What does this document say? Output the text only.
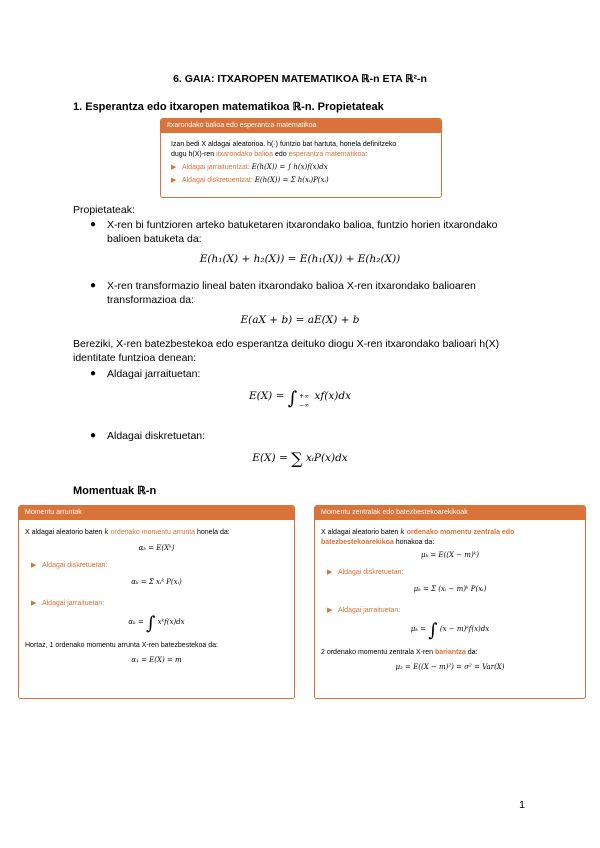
6. GAIA: ITXAROPEN MATEMATIKOA ℝ-n ETA ℝ²-n
1. Esperantza edo itxaropen matematikoa ℝ-n. Propietateak
Itxarondako balioa edo esperantza matematikoa
Izan bedi X aldagai aleatorioa. h(·) funtzio bat hartuta, honela definitzeko
dugu h(X)-ren itxarondako balioa edo esperantza matematikoa:
▶ Aldagai jarraituentzat: E(h(X)) = ∫ h(x)f(x)dx
▶ Aldagai diskretuentzat: E(h(X)) = Σ h(xᵢ)P(xᵢ)
Propietateak:
● X-ren bi funtzioren arteko batuketaren itxarondako balioa, funtzio horien itxarondako
balioen batuketa da:
E(h₁(X) + h₂(X)) = E(h₁(X)) + E(h₂(X))
● X-ren transformazio lineal baten itxarondako balioa X-ren itxarondako balioaren
transformazioa da:
E(aX + b) = aE(X) + b
Bereziki, X-ren batezbestekoa edo esperantza deituko diogu X-ren itxarondako balioari h(X)
identitate funtzioa denean:
● Aldagai jarraituetan:
E(X) = ∫ +∞
−∞
xf(x)dx
● Aldagai diskretuetan:
E(X) = ∑ xᵢP(x)dx
Momentuak ℝ-n
Momentu arruntak
X aldagai aleatorio baten k ordenako momentu arrunta honela da:
αₖ = E(Xᵏ)
▶ Aldagai diskretuetan:
αₖ = Σ xᵢᵏ P(xᵢ)
▶ Aldagai jarraituetan:
αₖ = ∫ xᵏf(x)dx
Hortaz, 1 ordenako momentu arrunta X-ren batezbestekoa da:
α₁ = E(X) = m
Momentu zentralak edo batezbestekoarekikoak
X aldagai aleatorio baten k ordenako momentu zentrala edo
batezbestekoarekikoa honakoa da:
μₖ = E((X − m)ᵏ)
▶ Aldagai diskretuetan:
μₖ = Σ (xᵢ − m)ᵏ P(xᵢ)
▶ Aldagai jarraituetan:
μₖ = ∫ (x − m)ᵏf(x)dx
2 ordenako momentu zentrala X-ren bariantza da:
μ₂ = E((X − m)²) = σ² = Var(X)
1
